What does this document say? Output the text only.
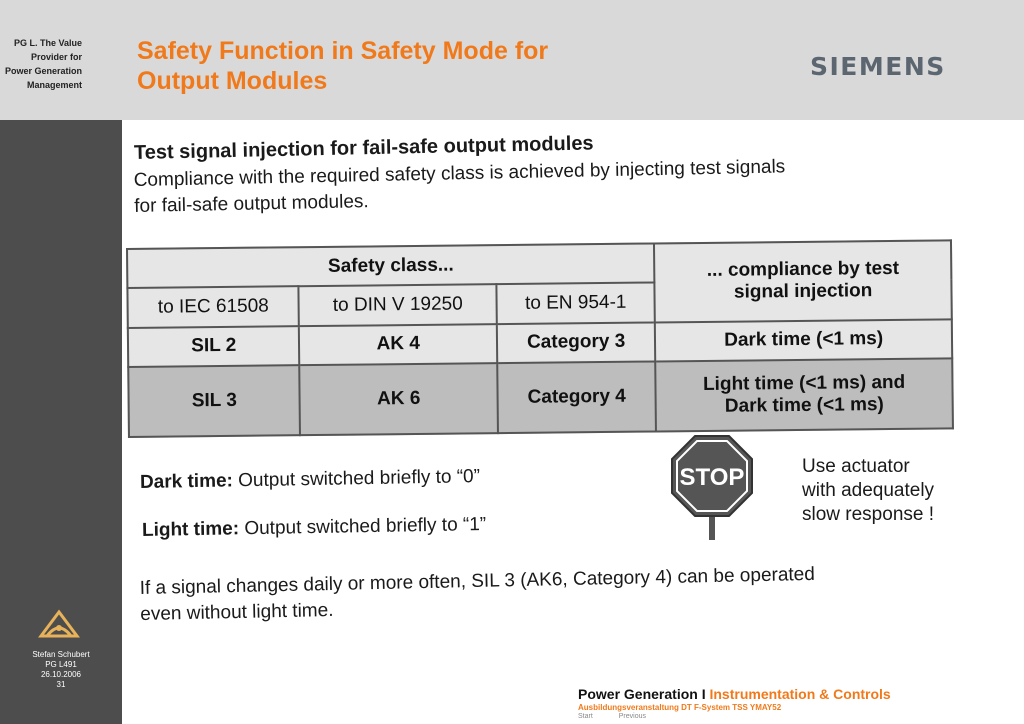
PG L. The Value
Provider for
Power Generation
Management
Safety Function in Safety Mode for
Output Modules	SIEMENS
Stefan Schubert
PG L491
26.10.2006
31
Test signal injection for fail-safe output modules
Compliance with the required safety class is achieved by injecting test signals
for fail-safe output modules.
Safety class...			... compliance by test
signal injection

to IEC 61508	to DIN V 19250	to EN 954-1	
SIL 2	AK 4	Category 3	Dark time (<1 ms)

SIL 3	AK 6	Category 4	Light time (<1 ms) and
Dark time (<1 ms)
Dark time: Output switched briefly to “0”
Light time: Output switched briefly to “1”
STOP	Use actuator
with adequately
slow response !
If a signal changes daily or more often, SIL 3 (AK6, Category 4) can be operated
even without light time.
Power Generation I Instrumentation & Controls
Ausbildungsveranstaltung DT F-System TSS YMAY52
Start	Previous
